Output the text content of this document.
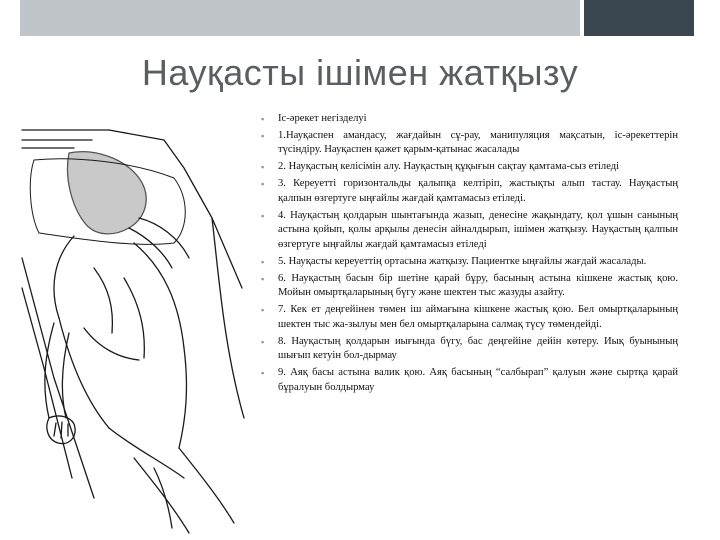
Науқасты ішімен жатқызу
▪ Іс-әрекет негізделуі
▪ 1.Науқаспен амандасу, жағдайын сұ-рау, манипуляция мақсатын, іс-әрекеттерін түсіндіру. Науқаспен қажет қарым-қатынас жасалады
▪ 2. Науқастың келісімін алу. Науқастың құқығын сақтау қамтама-сыз етіледі
▪ 3. Кереуетті горизонтальды қалыпқа келтіріп, жастықты алып тастау. Науқастың қалпын өзгертуге ыңғайлы жағдай қамтамасыз етіледі.
▪ 4. Науқастың қолдарын шынтағында жазып, денесіне жақындату, қол ұшын санының астына қойып, қолы арқылы денесін айналдырып, ішімен жатқызу. Науқастың қалпын өзгертуге ыңғайлы жағдай қамтамасыз етіледі
▪ 5. Науқасты кереуеттің ортасына жатқызу. Пациентке ыңғайлы жағдай жасалады.
▪ 6. Науқастың басын бір шетіне қарай бұру, басының астына кішкене жастық қою. Мойын омыртқаларының бүгу және шектен тыс жазуды азайту.
▪ 7. Кек ет деңгейінен төмен іш аймағына кішкене жастық қою. Бел омыртқаларының шектен тыс жа-зылуы мен бел омыртқаларына салмақ түсу төмендейді.
▪ 8. Науқастың қолдарын иығында бүгу, бас деңгейіне дейін көтеру. Иық буынының шығып кетуін бол-дырмау
▪ 9. Аяқ басы астына валик қою. Аяқ басының “салбырап” қалуын және сыртқа қарай бұралуын болдырмау
